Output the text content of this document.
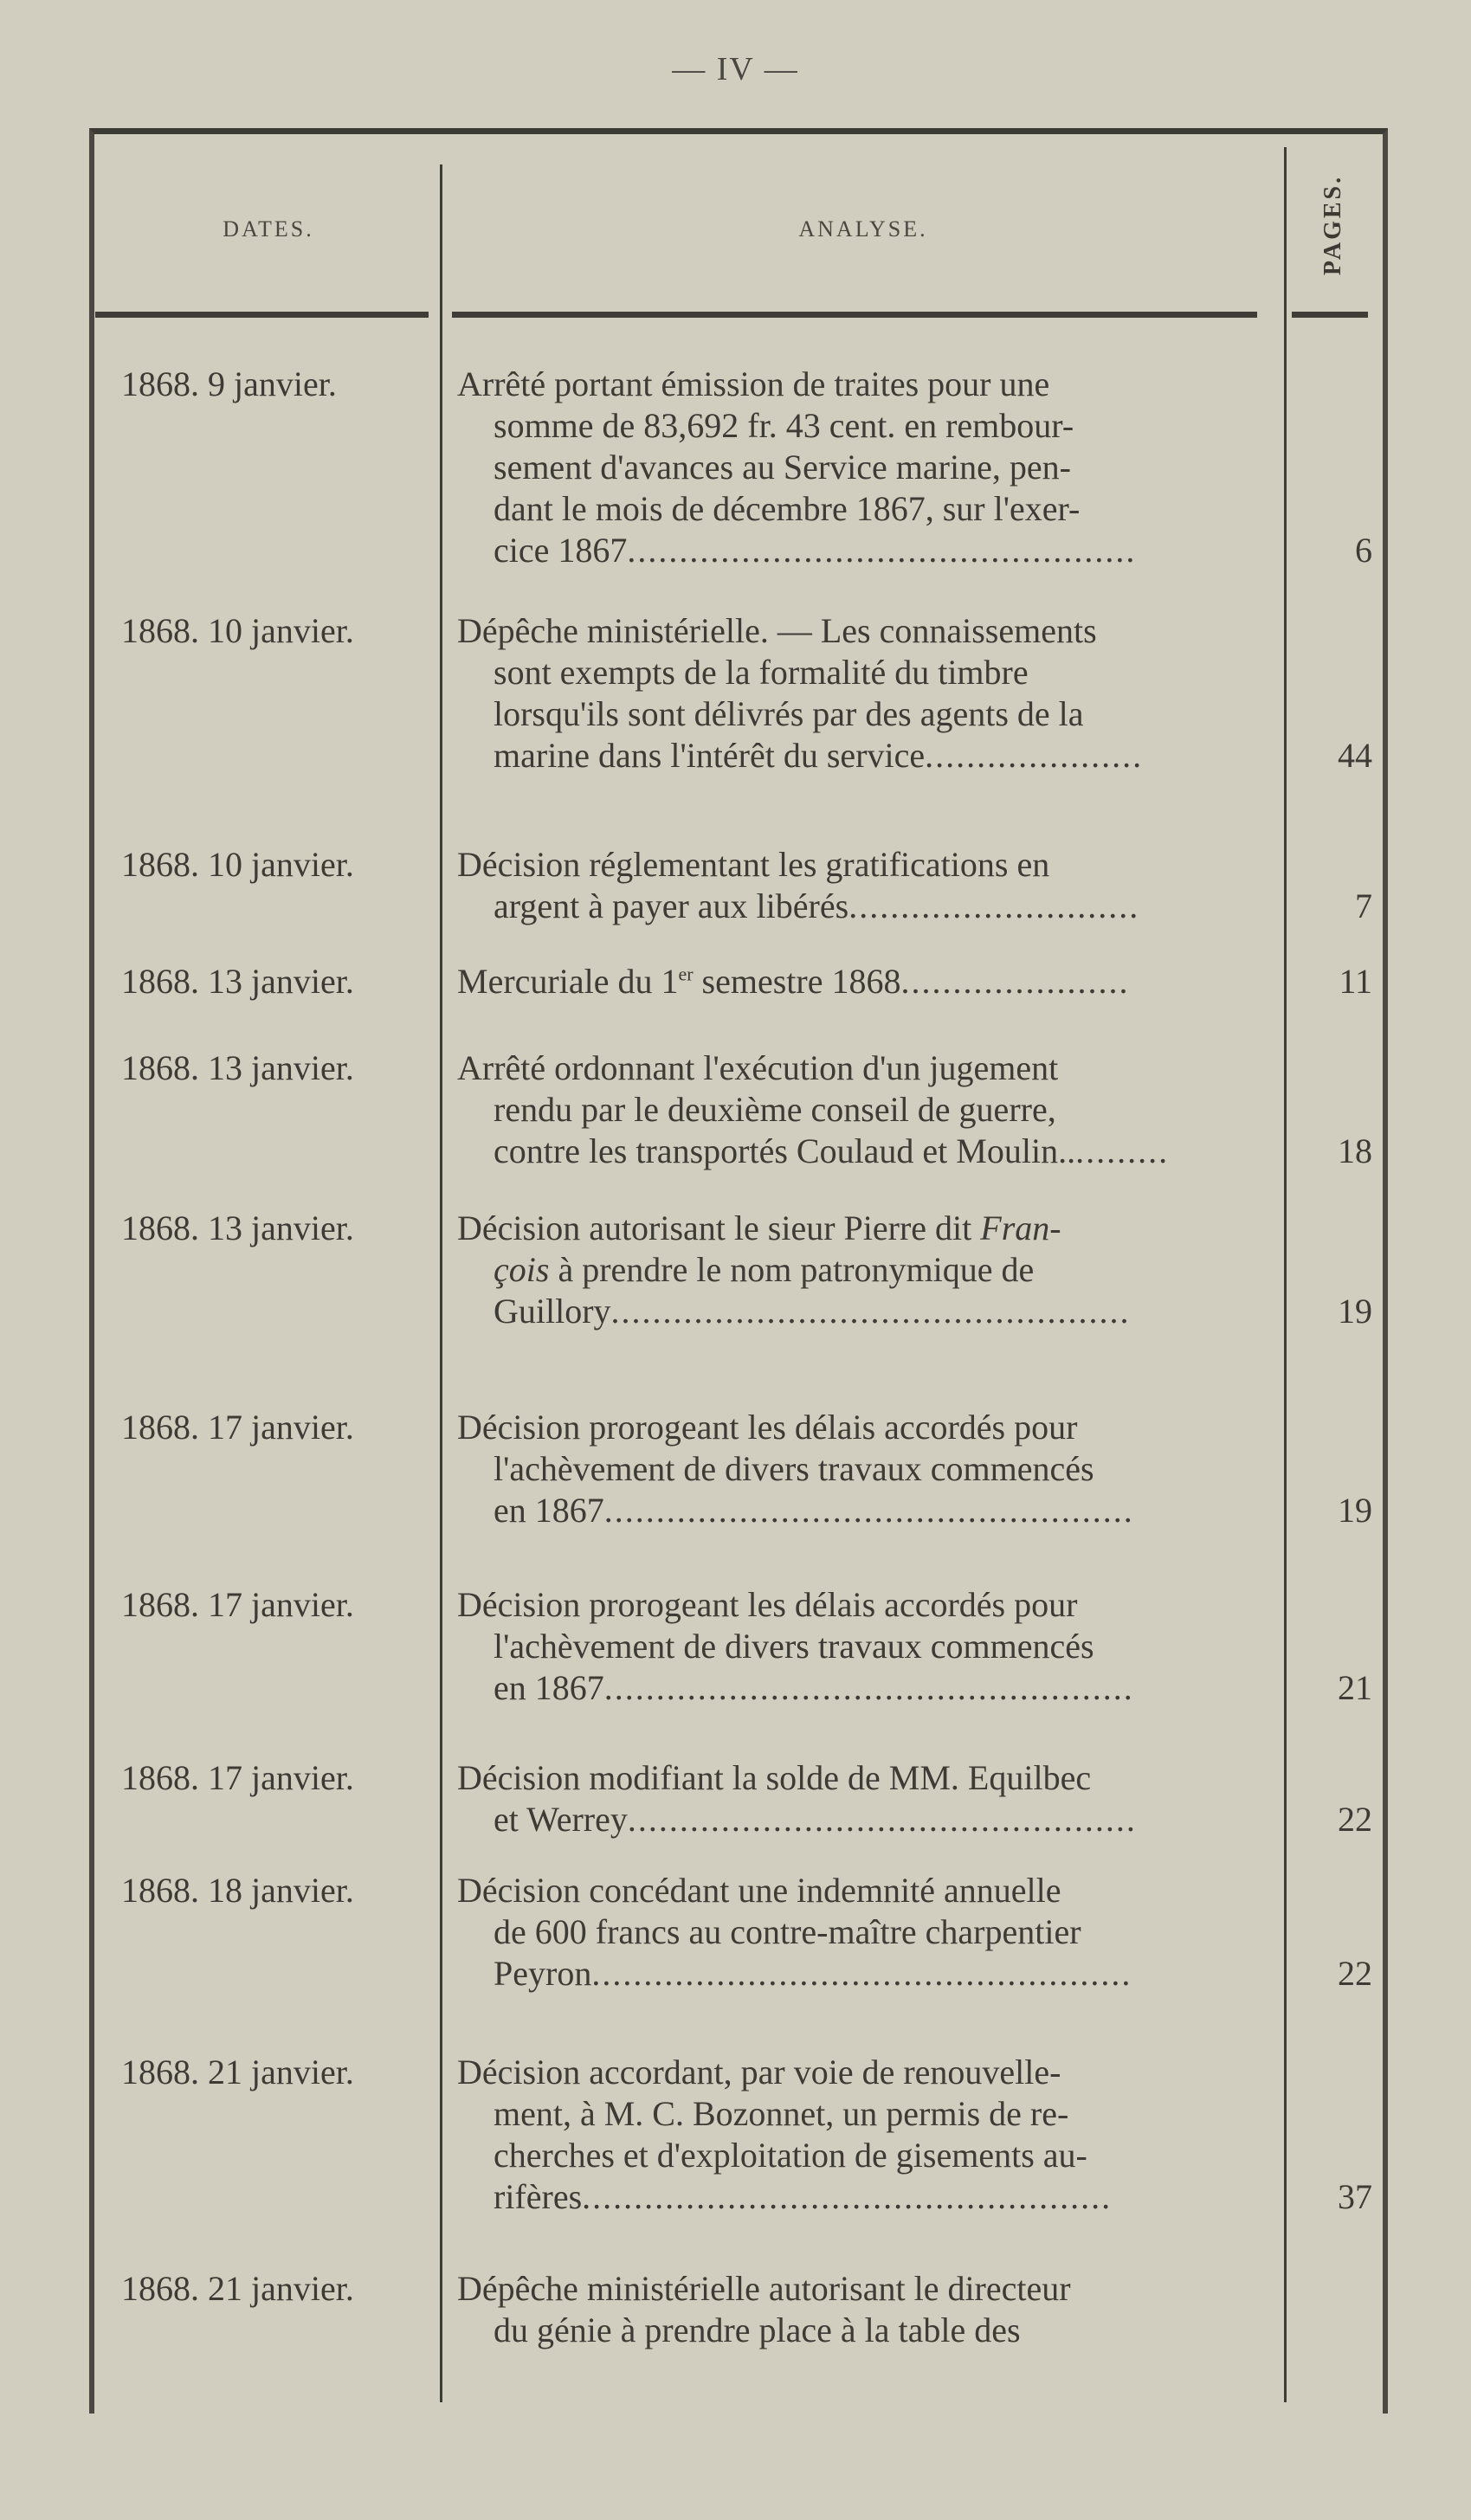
— IV —
DATES.	ANALYSE.	PAGES.
1868. 9 janvier.	Arrêté portant émission de traites pour une
somme de 83,692 fr. 43 cent. en rembour-
sement d'avances au Service marine, pen-
dant le mois de décembre 1867, sur l'exer-
cice 1867.................................................	6
1868. 10 janvier.	Dépêche ministérielle. — Les connaissements
sont exempts de la formalité du timbre
lorsqu'ils sont délivrés par des agents de la
marine dans l'intérêt du service.....................	44
1868. 10 janvier.	Décision réglementant les gratifications en
argent à payer aux libérés............................	7
1868. 13 janvier.	Mercuriale du 1er semestre 1868......................	11
1868. 13 janvier.	Arrêté ordonnant l'exécution d'un jugement
rendu par le deuxième conseil de guerre,
contre les transportés Coulaud et Moulin...........	18
1868. 13 janvier.	Décision autorisant le sieur Pierre dit Fran-
çois à prendre le nom patronymique de
Guillory..................................................	19
1868. 17 janvier.	Décision prorogeant les délais accordés pour
l'achèvement de divers travaux commencés
en 1867...................................................	19
1868. 17 janvier.	Décision prorogeant les délais accordés pour
l'achèvement de divers travaux commencés
en 1867...................................................	21
1868. 17 janvier.	Décision modifiant la solde de MM. Equilbec
et Werrey.................................................	22
1868. 18 janvier.	Décision concédant une indemnité annuelle
de 600 francs au contre-maître charpentier
Peyron....................................................	22
1868. 21 janvier.	Décision accordant, par voie de renouvelle-
ment, à M. C. Bozonnet, un permis de re-
cherches et d'exploitation de gisements au-
rifères...................................................	37
1868. 21 janvier.	Dépêche ministérielle autorisant le directeur
du génie à prendre place à la table des
